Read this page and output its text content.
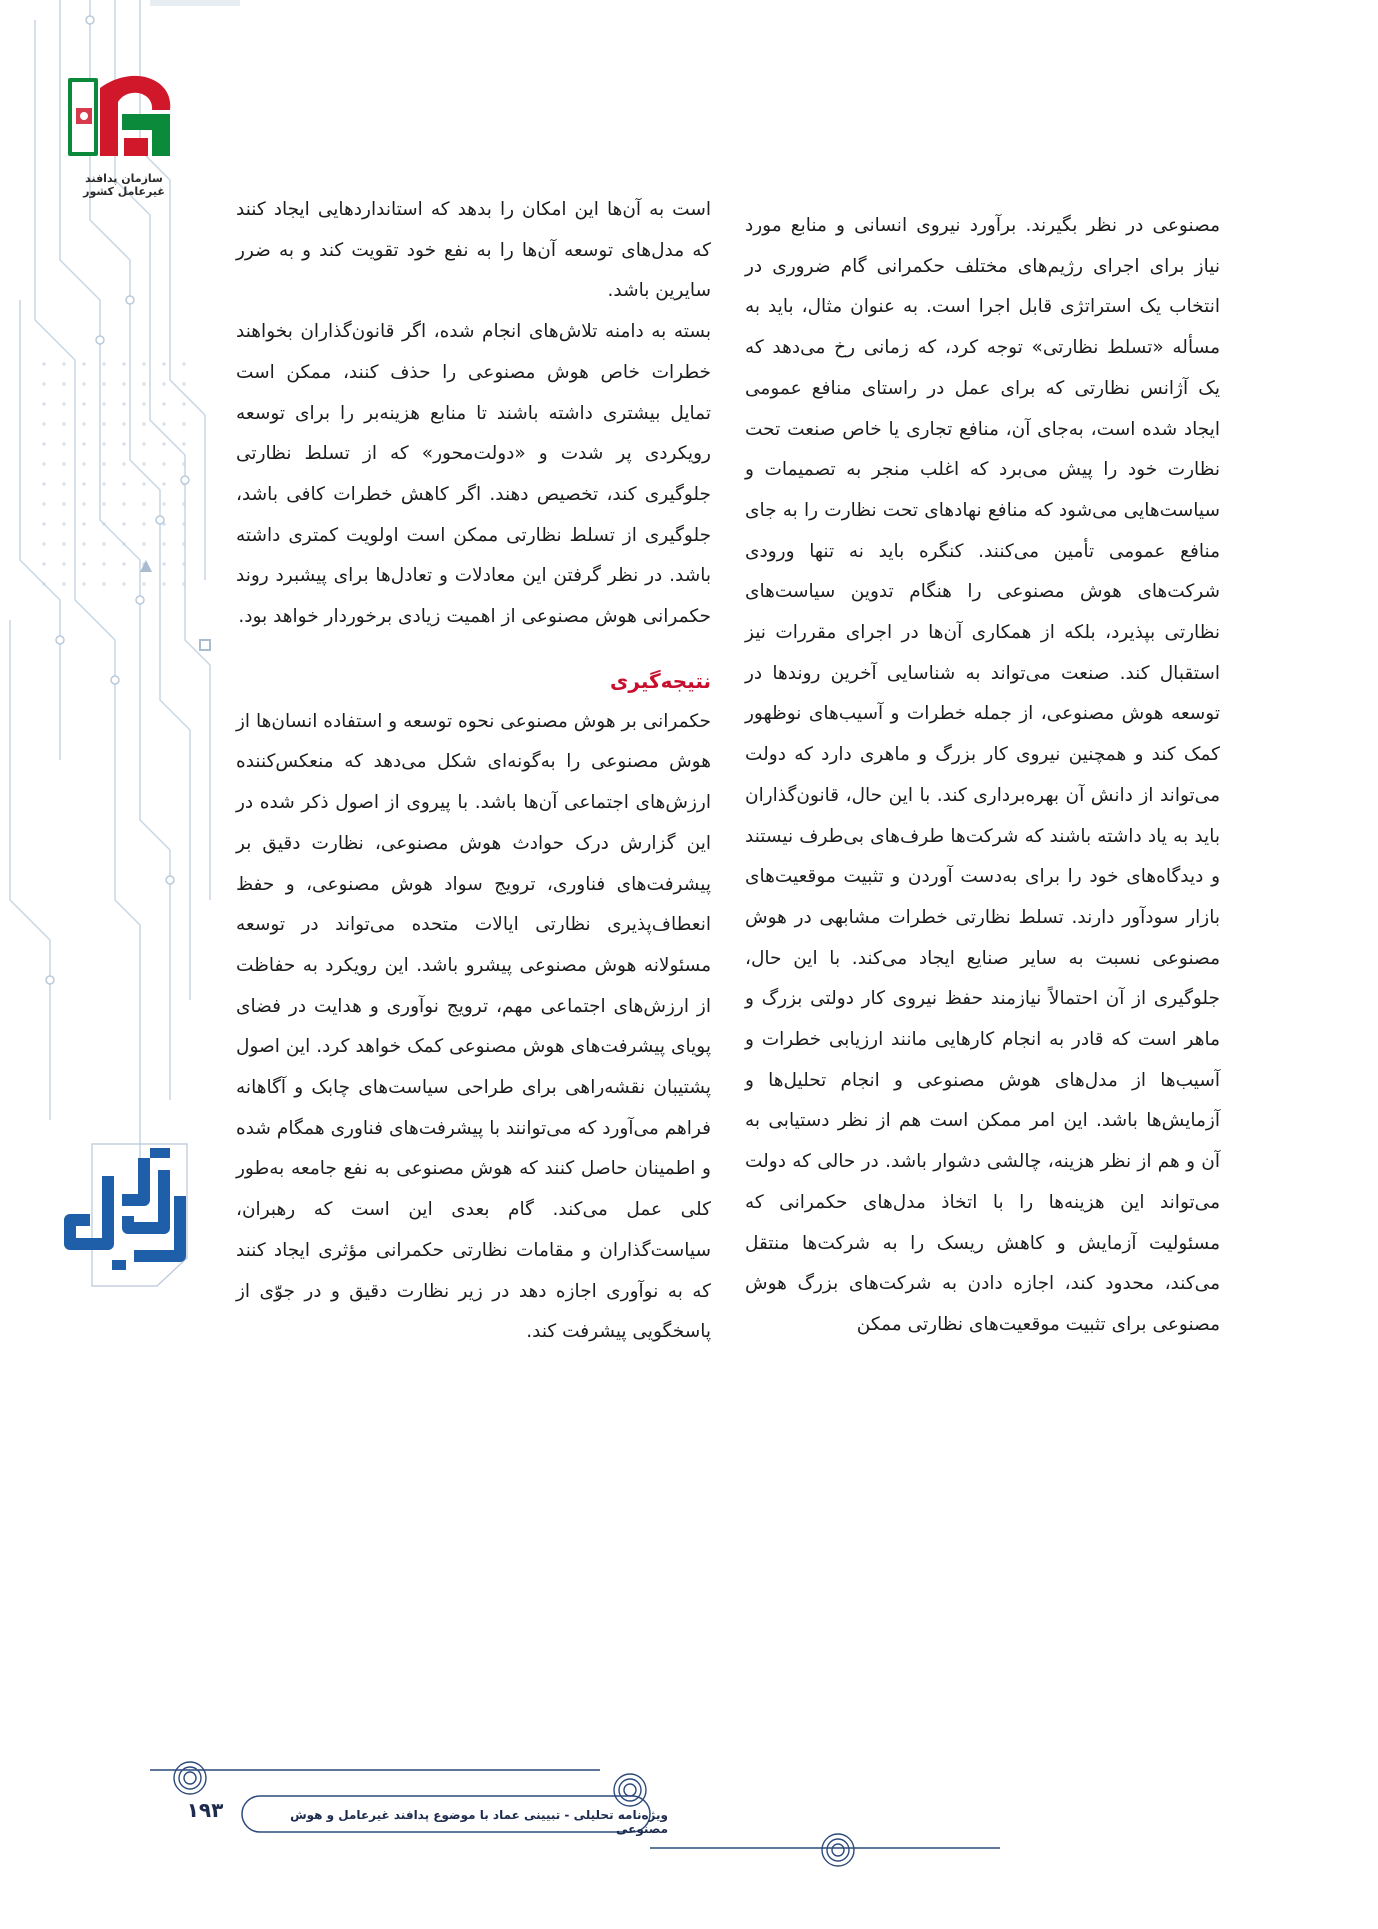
سازمان پدافند غیرعامل کشور

مصنوعی در نظر بگیرند. برآورد نیروی انسانی و منابع مورد نیاز برای اجرای رژیم‌های مختلف حکمرانی گام ضروری در انتخاب یک استراتژی قابل اجرا است. به عنوان مثال، باید به مسأله «تسلط نظارتی» توجه کرد، که زمانی رخ می‌دهد که یک آژانس نظارتی که برای عمل در راستای منافع عمومی ایجاد شده است، به‌جای آن، منافع تجاری یا خاص صنعت تحت نظارت خود را پیش می‌برد که اغلب منجر به تصمیمات و سیاست‌هایی می‌شود که منافع نهادهای تحت نظارت را به جای منافع عمومی تأمین می‌کنند. کنگره باید نه تنها ورودی شرکت‌های هوش مصنوعی را هنگام تدوین سیاست‌های نظارتی بپذیرد، بلکه از همکاری آن‌ها در اجرای مقررات نیز استقبال کند. صنعت می‌تواند به شناسایی آخرین روندها در توسعه هوش مصنوعی، از جمله خطرات و آسیب‌های نوظهور کمک کند و همچنین نیروی کار بزرگ و ماهری دارد که دولت می‌تواند از دانش آن بهره‌برداری کند. با این حال، قانون‌گذاران باید به یاد داشته باشند که شرکت‌ها طرف‌های بی‌طرف نیستند و دیدگاه‌های خود را برای به‌دست آوردن و تثبیت موقعیت‌های بازار سودآور دارند. تسلط نظارتی خطرات مشابهی در هوش مصنوعی نسبت به سایر صنایع ایجاد می‌کند. با این حال، جلوگیری از آن احتمالاً نیازمند حفظ نیروی کار دولتی بزرگ و ماهر است که قادر به انجام کارهایی مانند ارزیابی خطرات و آسیب‌ها از مدل‌های هوش مصنوعی و انجام تحلیل‌ها و آزمایش‌ها باشد. این امر ممکن است هم از نظر دستیابی به آن و هم از نظر هزینه، چالشی دشوار باشد. در حالی که دولت می‌تواند این هزینه‌ها را با اتخاذ مدل‌های حکمرانی که مسئولیت آزمایش و کاهش ریسک را به شرکت‌ها منتقل می‌کند، محدود کند، اجازه دادن به شرکت‌های بزرگ هوش مصنوعی برای تثبیت موقعیت‌های نظارتی ممکن

است به آن‌ها این امکان را بدهد که استانداردهایی ایجاد کنند که مدل‌های توسعه آن‌ها را به نفع خود تقویت کند و به ضرر سایرین باشد.

بسته به دامنه تلاش‌های انجام شده، اگر قانون‌گذاران بخواهند خطرات خاص هوش مصنوعی را حذف کنند، ممکن است تمایل بیشتری داشته باشند تا منابع هزینه‌بر را برای توسعه رویکردی پر شدت و «دولت‌محور» که از تسلط نظارتی جلوگیری کند، تخصیص دهند. اگر کاهش خطرات کافی باشد، جلوگیری از تسلط نظارتی ممکن است اولویت کمتری داشته باشد. در نظر گرفتن این معادلات و تعادل‌ها برای پیشبرد روند حکمرانی هوش مصنوعی از اهمیت زیادی برخوردار خواهد بود.

نتیجه‌گیری

حکمرانی بر هوش مصنوعی نحوه توسعه و استفاده انسان‌ها از هوش مصنوعی را به‌گونه‌ای شکل می‌دهد که منعکس‌کننده ارزش‌های اجتماعی آن‌ها باشد. با پیروی از اصول ذکر شده در این گزارش درک حوادث هوش مصنوعی، نظارت دقیق بر پیشرفت‌های فناوری، ترویج سواد هوش مصنوعی، و حفظ انعطاف‌پذیری نظارتی ایالات متحده می‌تواند در توسعه مسئولانه هوش مصنوعی پیشرو باشد. این رویکرد به حفاظت از ارزش‌های اجتماعی مهم، ترویج نوآوری و هدایت در فضای پویای پیشرفت‌های هوش مصنوعی کمک خواهد کرد. این اصول پشتیبان نقشه‌راهی برای طراحی سیاست‌های چابک و آگاهانه فراهم می‌آورد که می‌توانند با پیشرفت‌های فناوری همگام شده و اطمینان حاصل کنند که هوش مصنوعی به نفع جامعه به‌طور کلی عمل می‌کند. گام بعدی این است که رهبران، سیاست‌گذاران و مقامات نظارتی حکمرانی مؤثری ایجاد کنند که به نوآوری اجازه دهد در زیر نظارت دقیق و در جوّی از پاسخگویی پیشرفت کند.

ویژه‌نامه تحلیلی - تبیینی عماد با موضوع پدافند غیرعامل و هوش مصنوعی
۱۹۳
